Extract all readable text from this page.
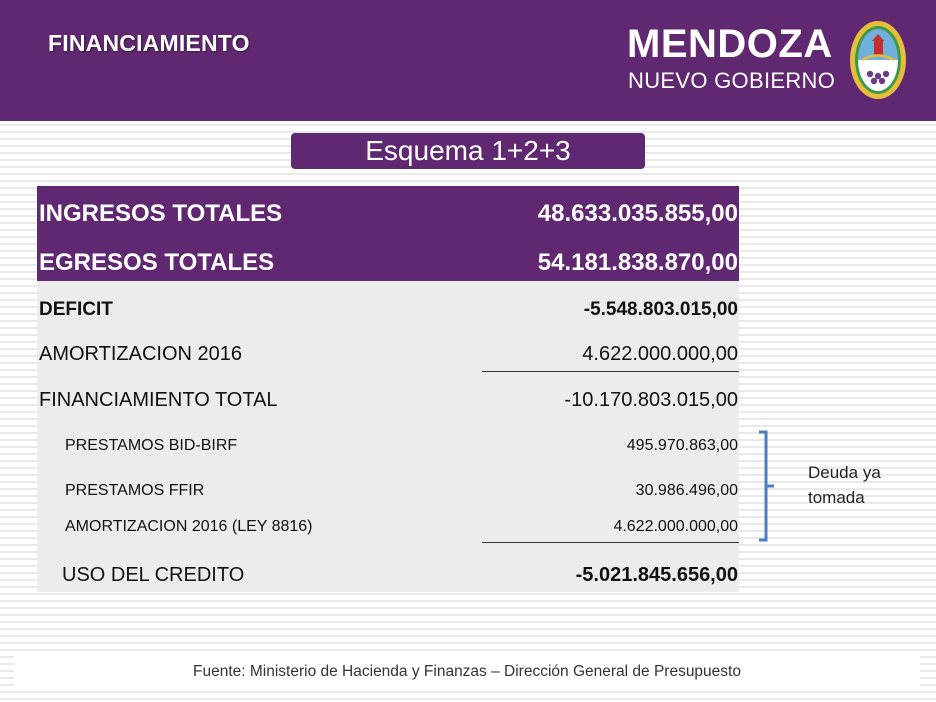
FINANCIAMIENTO	MENDOZA
NUEVO GOBIERNO
Esquema 1+2+3
INGRESOS TOTALES	48.633.035.855,00
EGRESOS TOTALES	54.181.838.870,00
DEFICIT	-5.548.803.015,00
AMORTIZACION 2016	4.622.000.000,00
FINANCIAMIENTO TOTAL	-10.170.803.015,00
PRESTAMOS BID-BIRF	495.970.863,00
PRESTAMOS FFIR	30.986.496,00
AMORTIZACION 2016 (LEY 8816)	4.622.000.000,00
USO DEL CREDITO	-5.021.845.656,00
Deuda ya tomada
Fuente: Ministerio de Hacienda y Finanzas – Dirección General de Presupuesto
